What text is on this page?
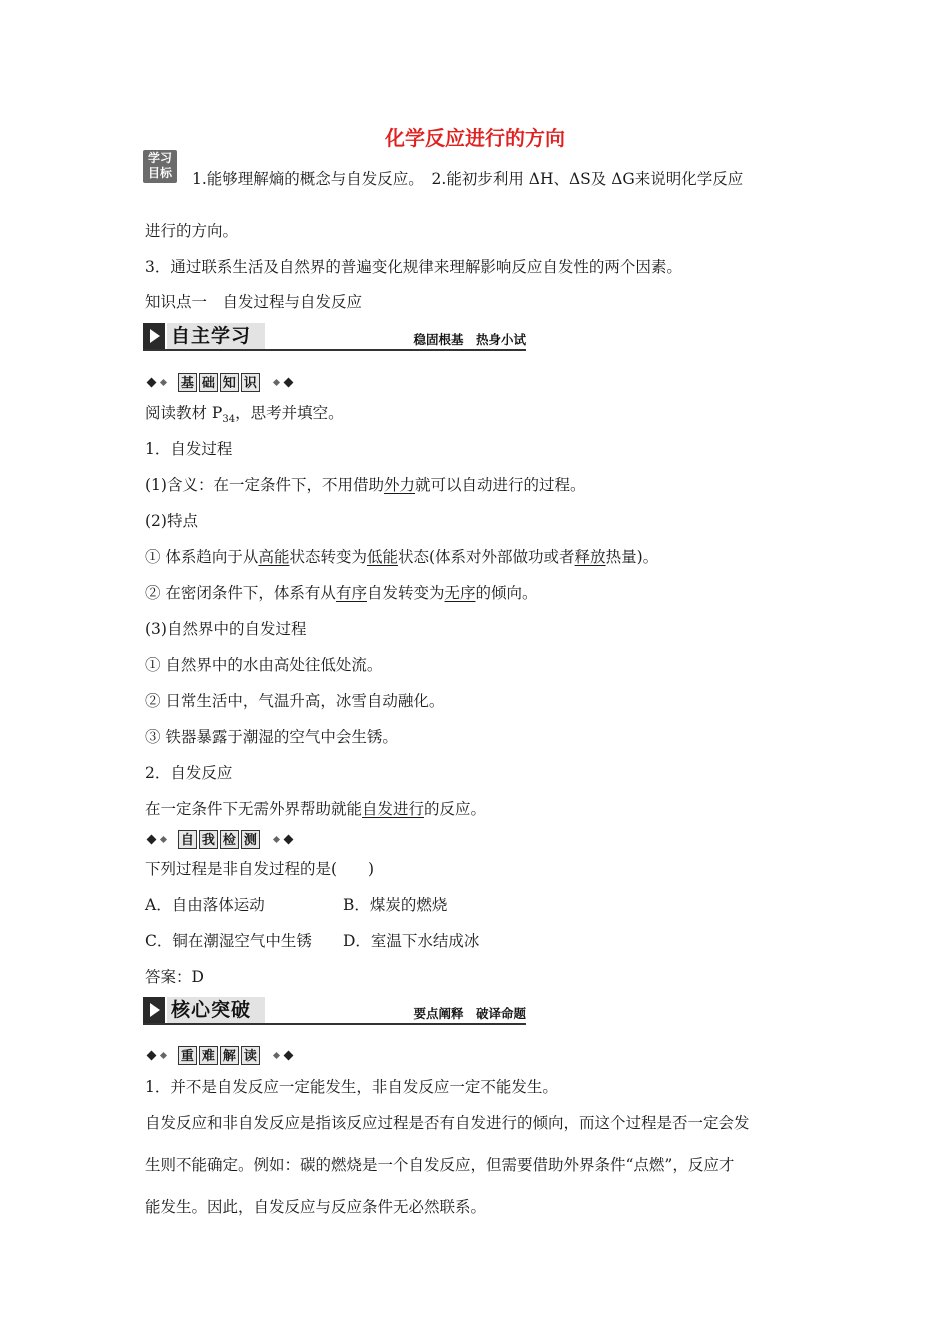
化学反应进行的方向
学习
目标	1.能够理解熵的概念与自发反应。　2.能初步利用 ΔH、ΔS及 ΔG来说明化学反应
进行的方向。
3．通过联系生活及自然界的普遍变化规律来理解影响反应自发性的两个因素。
知识点一　自发过程与自发反应
自主学习	稳固根基　热身小试
基 础 知 识
阅读教材 $P_{34}$，思考并填空。
1．自发过程
(1)含义：在一定条件下，不用借助外力就可以自动进行的过程。
(2)特点
① 体系趋向于从高能状态转变为低能状态(体系对外部做功或者释放热量)。
② 在密闭条件下，体系有从有序自发转变为无序的倾向。
(3)自然界中的自发过程
① 自然界中的水由高处往低处流。
② 日常生活中，气温升高，冰雪自动融化。
③ 铁器暴露于潮湿的空气中会生锈。
2．自发反应
在一定条件下无需外界帮助就能自发进行的反应。
自 我 检 测
下列过程是非自发过程的是(　　)
A．自由落体运动	B．煤炭的燃烧
C．铜在潮湿空气中生锈 D．室温下水结成冰
答案：D
核心突破	要点阐释　破译命题
重 难 解 读
1．并不是自发反应一定能发生，非自发反应一定不能发生。
自发反应和非自发反应是指该反应过程是否有自发进行的倾向，而这个过程是否一定会发
生则不能确定。例如：碳的燃烧是一个自发反应，但需要借助外界条件“点燃”，反应才
能发生。因此，自发反应与反应条件无必然联系。
